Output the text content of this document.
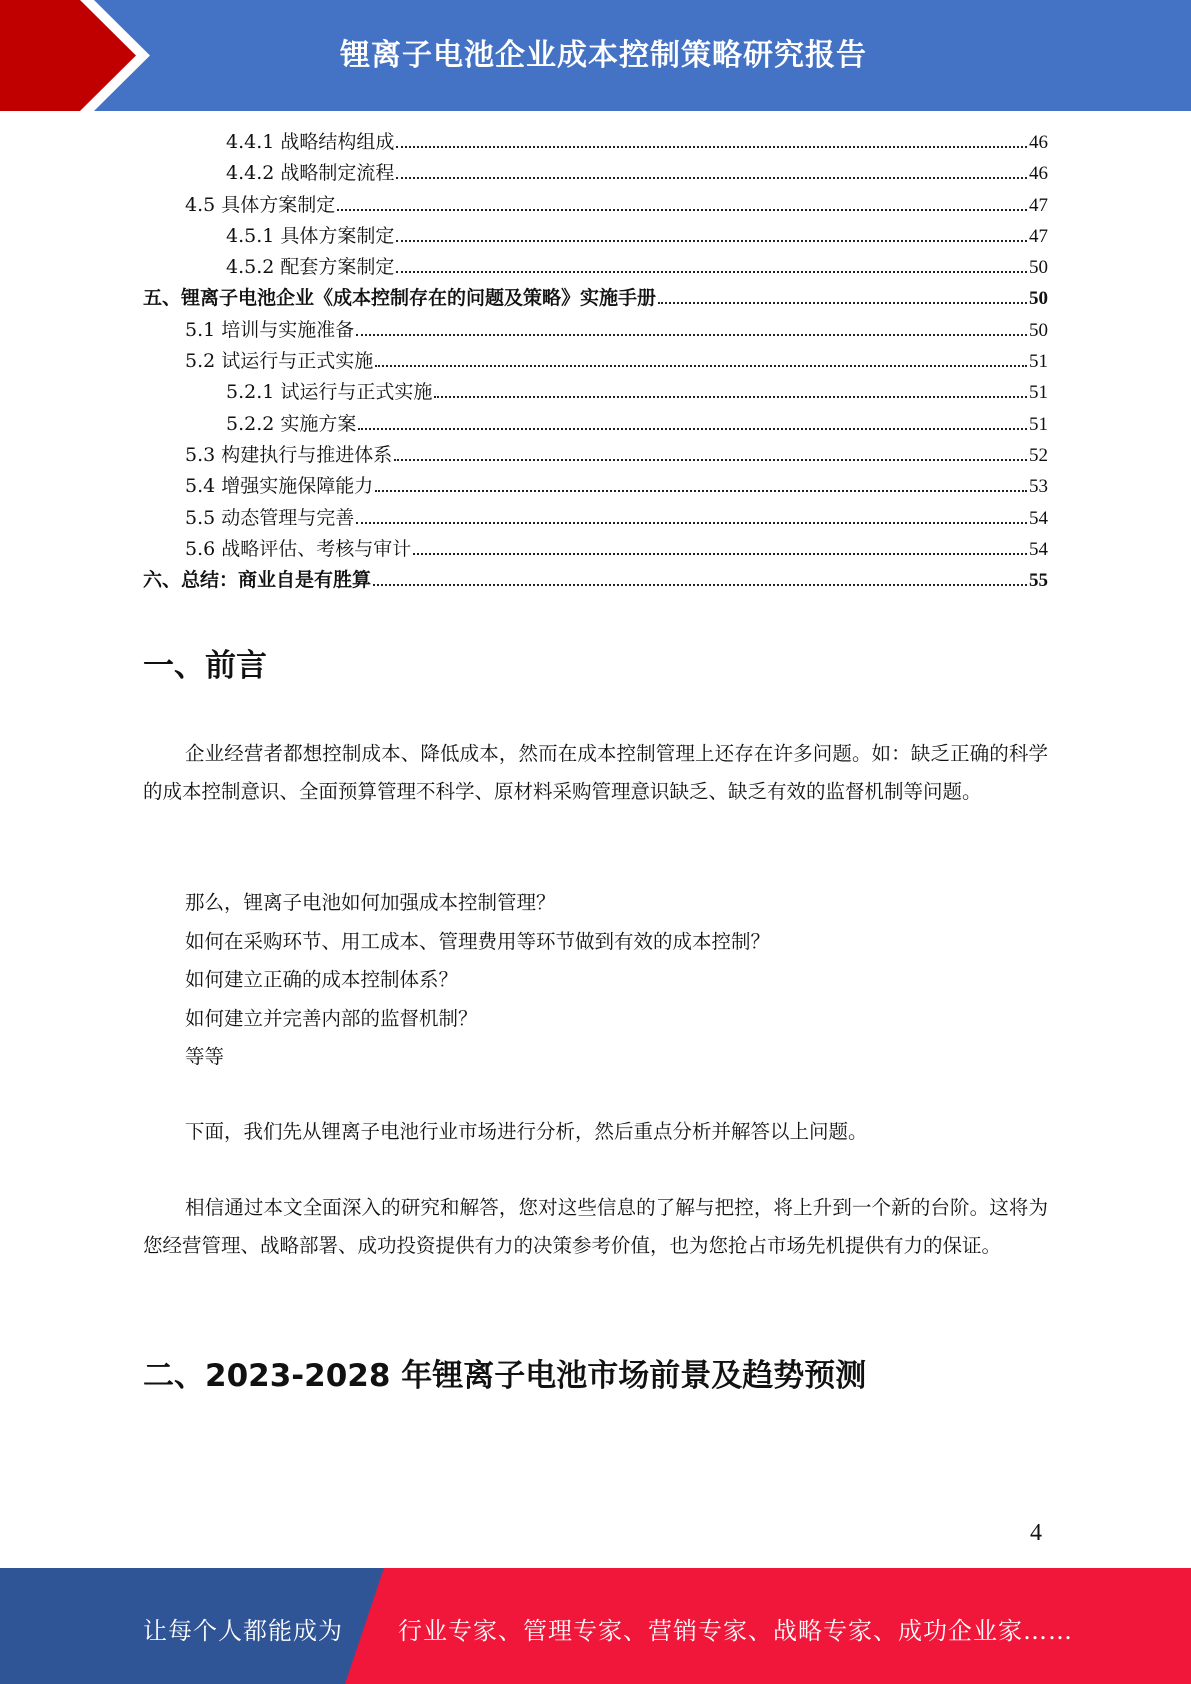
锂离子电池企业成本控制策略研究报告
4.4.1 战略结构组成	46
4.4.2 战略制定流程	46
4.5 具体方案制定	47
4.5.1 具体方案制定	47
4.5.2 配套方案制定	50
五、锂离子电池企业《成本控制存在的问题及策略》实施手册	50
5.1 培训与实施准备	50
5.2 试运行与正式实施	51
5.2.1 试运行与正式实施	51
5.2.2 实施方案	51
5.3 构建执行与推进体系	52
5.4 增强实施保障能力	53
5.5 动态管理与完善	54
5.6 战略评估、考核与审计	54
六、总结：商业自是有胜算	55
一、前言
企业经营者都想控制成本、降低成本，然而在成本控制管理上还存在许多问题。如：缺乏正确的科学的成本控制意识、全面预算管理不科学、原材料采购管理意识缺乏、缺乏有效的监督机制等问题。
那么，锂离子电池如何加强成本控制管理？
如何在采购环节、用工成本、管理费用等环节做到有效的成本控制？
如何建立正确的成本控制体系？
如何建立并完善内部的监督机制？
等等
下面，我们先从锂离子电池行业市场进行分析，然后重点分析并解答以上问题。
相信通过本文全面深入的研究和解答，您对这些信息的了解与把控，将上升到一个新的台阶。这将为您经营管理、战略部署、成功投资提供有力的决策参考价值，也为您抢占市场先机提供有力的保证。
二、2023-2028 年锂离子电池市场前景及趋势预测
4
让每个人都能成为 行业专家、管理专家、营销专家、战略专家、成功企业家……
